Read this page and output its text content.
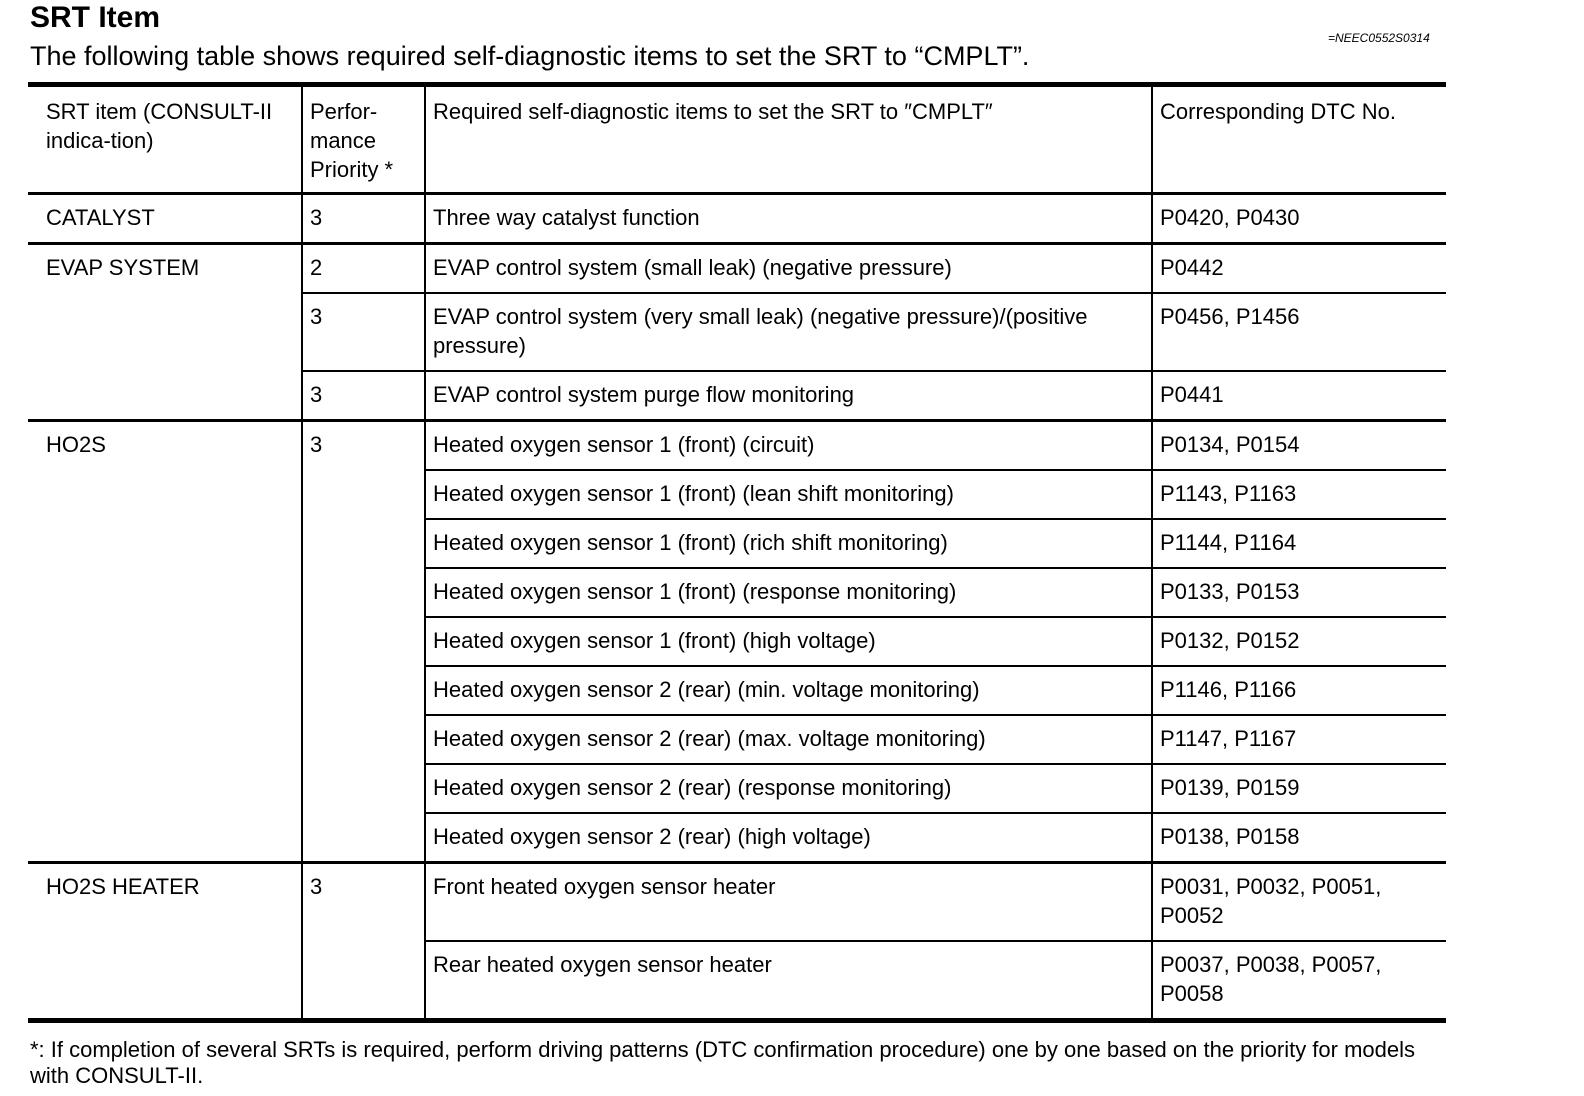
SRT Item

The following table shows required self-diagnostic items to set the SRT to “CMPLT”.

=NEEC0552S0314
SRT item (CONSULT-II indica-tion)	Perfor-mance Priority *	Required self-diagnostic items to set the SRT to ″CMPLT″	Corresponding DTC No.
CATALYST	3	Three way catalyst function	P0420, P0430
EVAP SYSTEM	2	EVAP control system (small leak) (negative pressure)	P0442
	3	EVAP control system (very small leak) (negative pressure)/(positive pressure)	P0456, P1456
	3	EVAP control system purge flow monitoring	P0441
HO2S	3	Heated oxygen sensor 1 (front) (circuit)	P0134, P0154
		Heated oxygen sensor 1 (front) (lean shift monitoring)	P1143, P1163
		Heated oxygen sensor 1 (front) (rich shift monitoring)	P1144, P1164
		Heated oxygen sensor 1 (front) (response monitoring)	P0133, P0153
		Heated oxygen sensor 1 (front) (high voltage)	P0132, P0152
		Heated oxygen sensor 2 (rear) (min. voltage monitoring)	P1146, P1166
		Heated oxygen sensor 2 (rear) (max. voltage monitoring)	P1147, P1167
		Heated oxygen sensor 2 (rear) (response monitoring)	P0139, P0159
		Heated oxygen sensor 2 (rear) (high voltage)	P0138, P0158
HO2S HEATER	3	Front heated oxygen sensor heater	P0031, P0032, P0051, P0052
		Rear heated oxygen sensor heater	P0037, P0038, P0057, P0058

*: If completion of several SRTs is required, perform driving patterns (DTC confirmation procedure) one by one based on the priority for models with CONSULT-II.
